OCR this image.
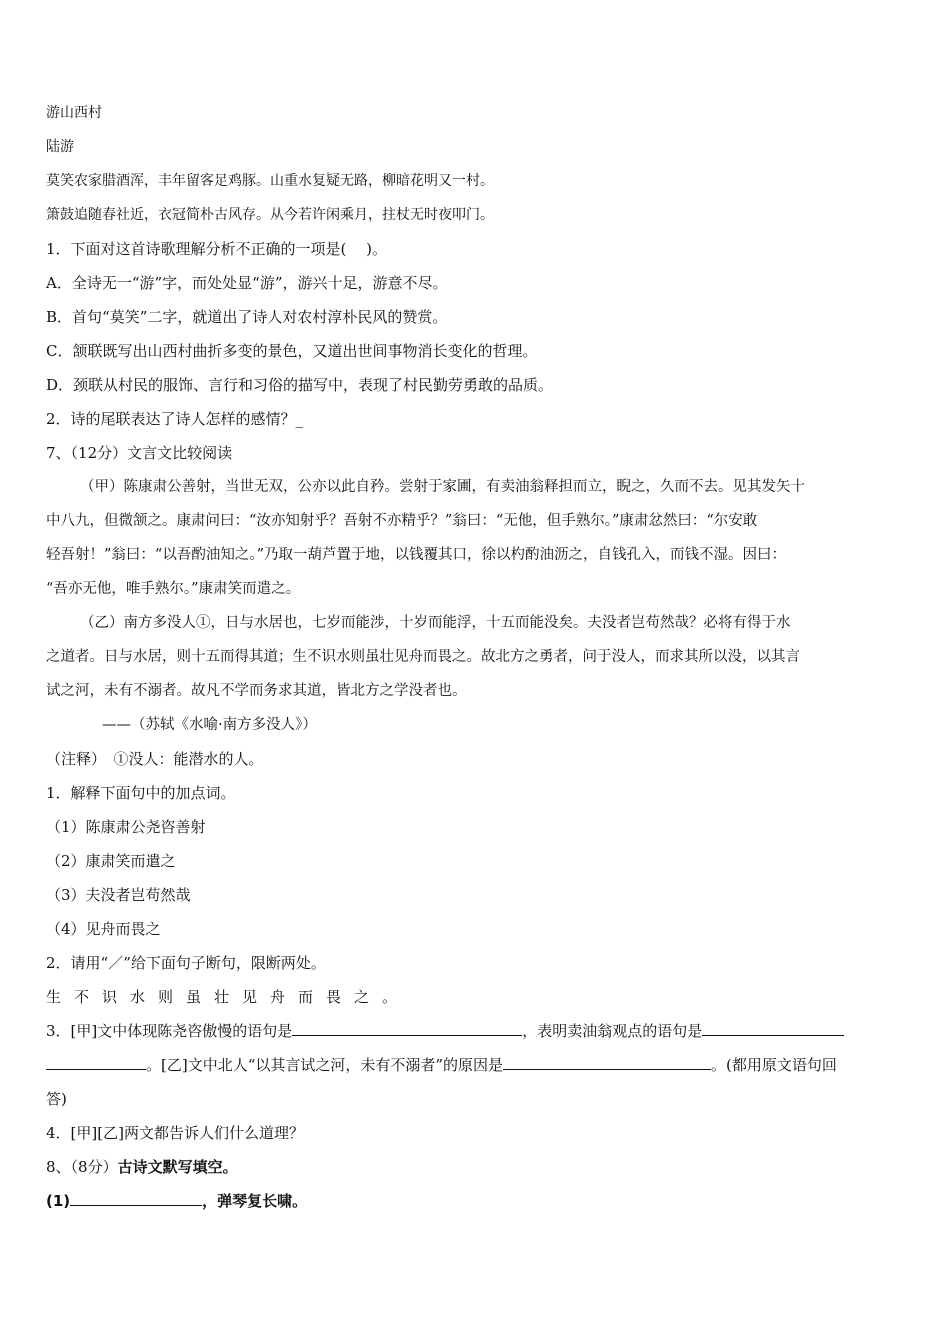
游山西村
陆游
莫笑农家腊酒浑，丰年留客足鸡豚。山重水复疑无路，柳暗花明又一村。
箫鼓追随春社近，衣冠简朴古风存。从今若许闲乘月，拄杖无时夜叩门。
1．下面对这首诗歌理解分析不正确的一项是(　 )。
A．全诗无一“游”字，而处处显“游”，游兴十足，游意不尽。
B．首句“莫笑”二字，就道出了诗人对农村淳朴民风的赞赏。
C．颔联既写出山西村曲折多变的景色，又道出世间事物消长变化的哲理。
D．颈联从村民的服饰、言行和习俗的描写中，表现了村民勤劳勇敢的品质。
2．诗的尾联表达了诗人怎样的感情？_
7、（12分）文言文比较阅读
（甲）陈康肃公善射，当世无双，公亦以此自矜。尝射于家圃，有卖油翁释担而立，睨之，久而不去。见其发矢十
中八九，但微颔之。康肃问曰：“汝亦知射乎？吾射不亦精乎？”翁曰：“无他，但手熟尔。”康肃忿然曰：“尔安敢
轻吾射！”翁曰：“以吾酌油知之。”乃取一葫芦置于地，以钱覆其口，徐以杓酌油沥之，自钱孔入，而钱不湿。因曰：
“吾亦无他，唯手熟尔。”康肃笑而遣之。
（乙）南方多没人①，日与水居也，七岁而能涉，十岁而能浮，十五而能没矣。夫没者岂苟然哉？必将有得于水
之道者。日与水居，则十五而得其道；生不识水则虽壮见舟而畏之。故北方之勇者，问于没人，而求其所以没，以其言
试之河，未有不溺者。故凡不学而务求其道，皆北方之学没者也。
——（苏轼《水喻·南方多没人》）
（注释）　①没人：能潜水的人。
1．解释下面句中的加点词。
（1）陈康肃公尧咨善射
（2）康肃笑而遣之
（3）夫没者岂苟然哉
（4）见舟而畏之
2．请用“／”给下面句子断句，限断两处。
生不识水则虽壮见舟而畏之。
3．[甲]文中体现陈尧咨傲慢的语句是	，表明卖油翁观点的语句是
。[乙]文中北人“以其言试之河，未有不溺者”的原因是	。(都用原文语句回
答)
4．[甲][乙]两文都告诉人们什么道理？
8、（8分）古诗文默写填空。
(1)	，弹琴复长啸。
